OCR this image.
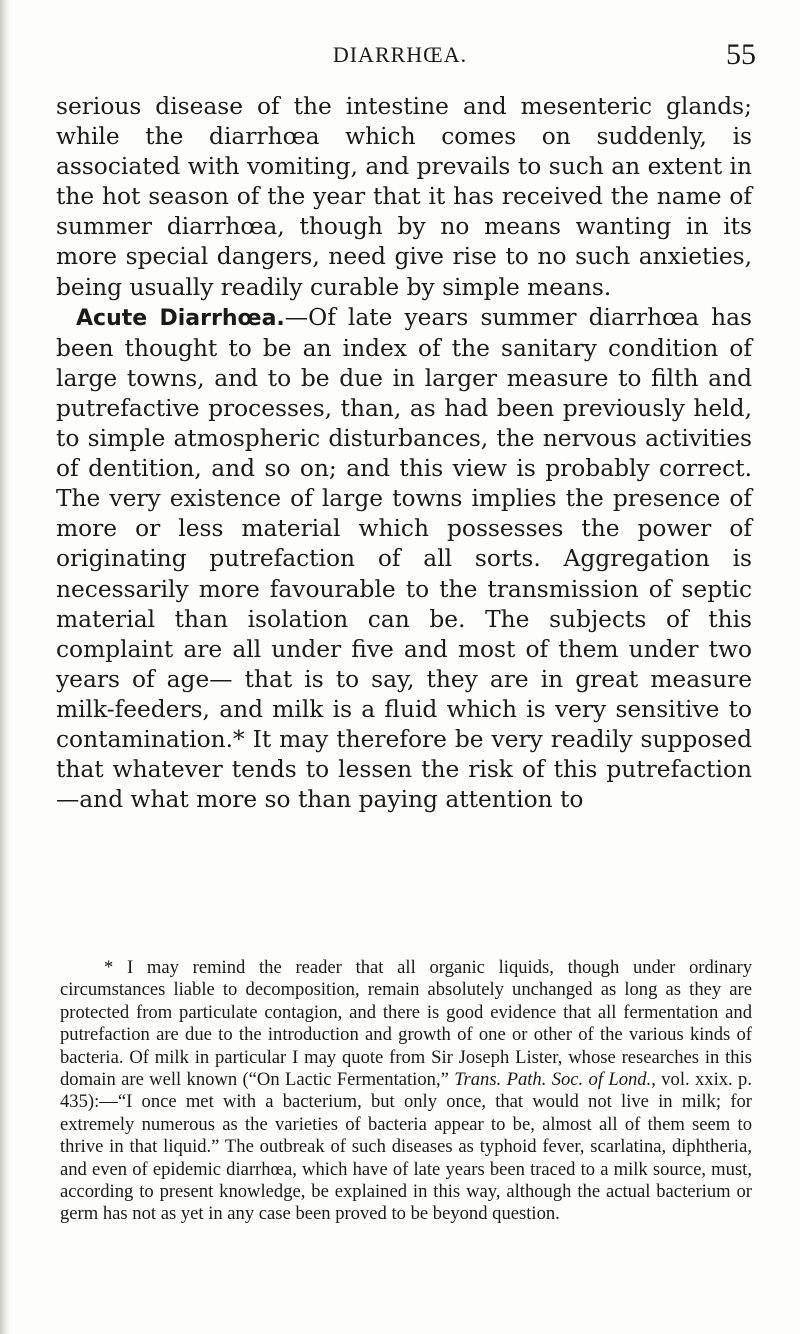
DIARRHŒA.	55

serious disease of the intestine and mesenteric glands; while the diarrhœa which comes on suddenly, is associated with vomiting, and prevails to such an extent in the hot season of the year that it has received the name of summer diarrhœa, though by no means wanting in its more special dangers, need give rise to no such anxieties, being usually readily curable by simple means.

Acute Diarrhœa.—Of late years summer diarrhœa has been thought to be an index of the sanitary condition of large towns, and to be due in larger measure to filth and putrefactive processes, than, as had been previously held, to simple atmospheric disturbances, the nervous activities of dentition, and so on; and this view is probably correct. The very existence of large towns implies the presence of more or less material which possesses the power of originating putrefaction of all sorts. Aggregation is necessarily more favourable to the transmission of septic material than isolation can be. The subjects of this complaint are all under five and most of them under two years of age— that is to say, they are in great measure milk-feeders, and milk is a fluid which is very sensitive to contamination.* It may therefore be very readily supposed that whatever tends to lessen the risk of this putrefaction—and what more so than paying attention to

* I may remind the reader that all organic liquids, though under ordinary circumstances liable to decomposition, remain absolutely unchanged as long as they are protected from particulate contagion, and there is good evidence that all fermentation and putrefaction are due to the introduction and growth of one or other of the various kinds of bacteria. Of milk in particular I may quote from Sir Joseph Lister, whose researches in this domain are well known (“On Lactic Fermentation,” Trans. Path. Soc. of Lond., vol. xxix. p. 435):—“I once met with a bacterium, but only once, that would not live in milk; for extremely numerous as the varieties of bacteria appear to be, almost all of them seem to thrive in that liquid.” The outbreak of such diseases as typhoid fever, scarlatina, diphtheria, and even of epidemic diarrhœa, which have of late years been traced to a milk source, must, according to present knowledge, be explained in this way, although the actual bacterium or germ has not as yet in any case been proved to be beyond question.
